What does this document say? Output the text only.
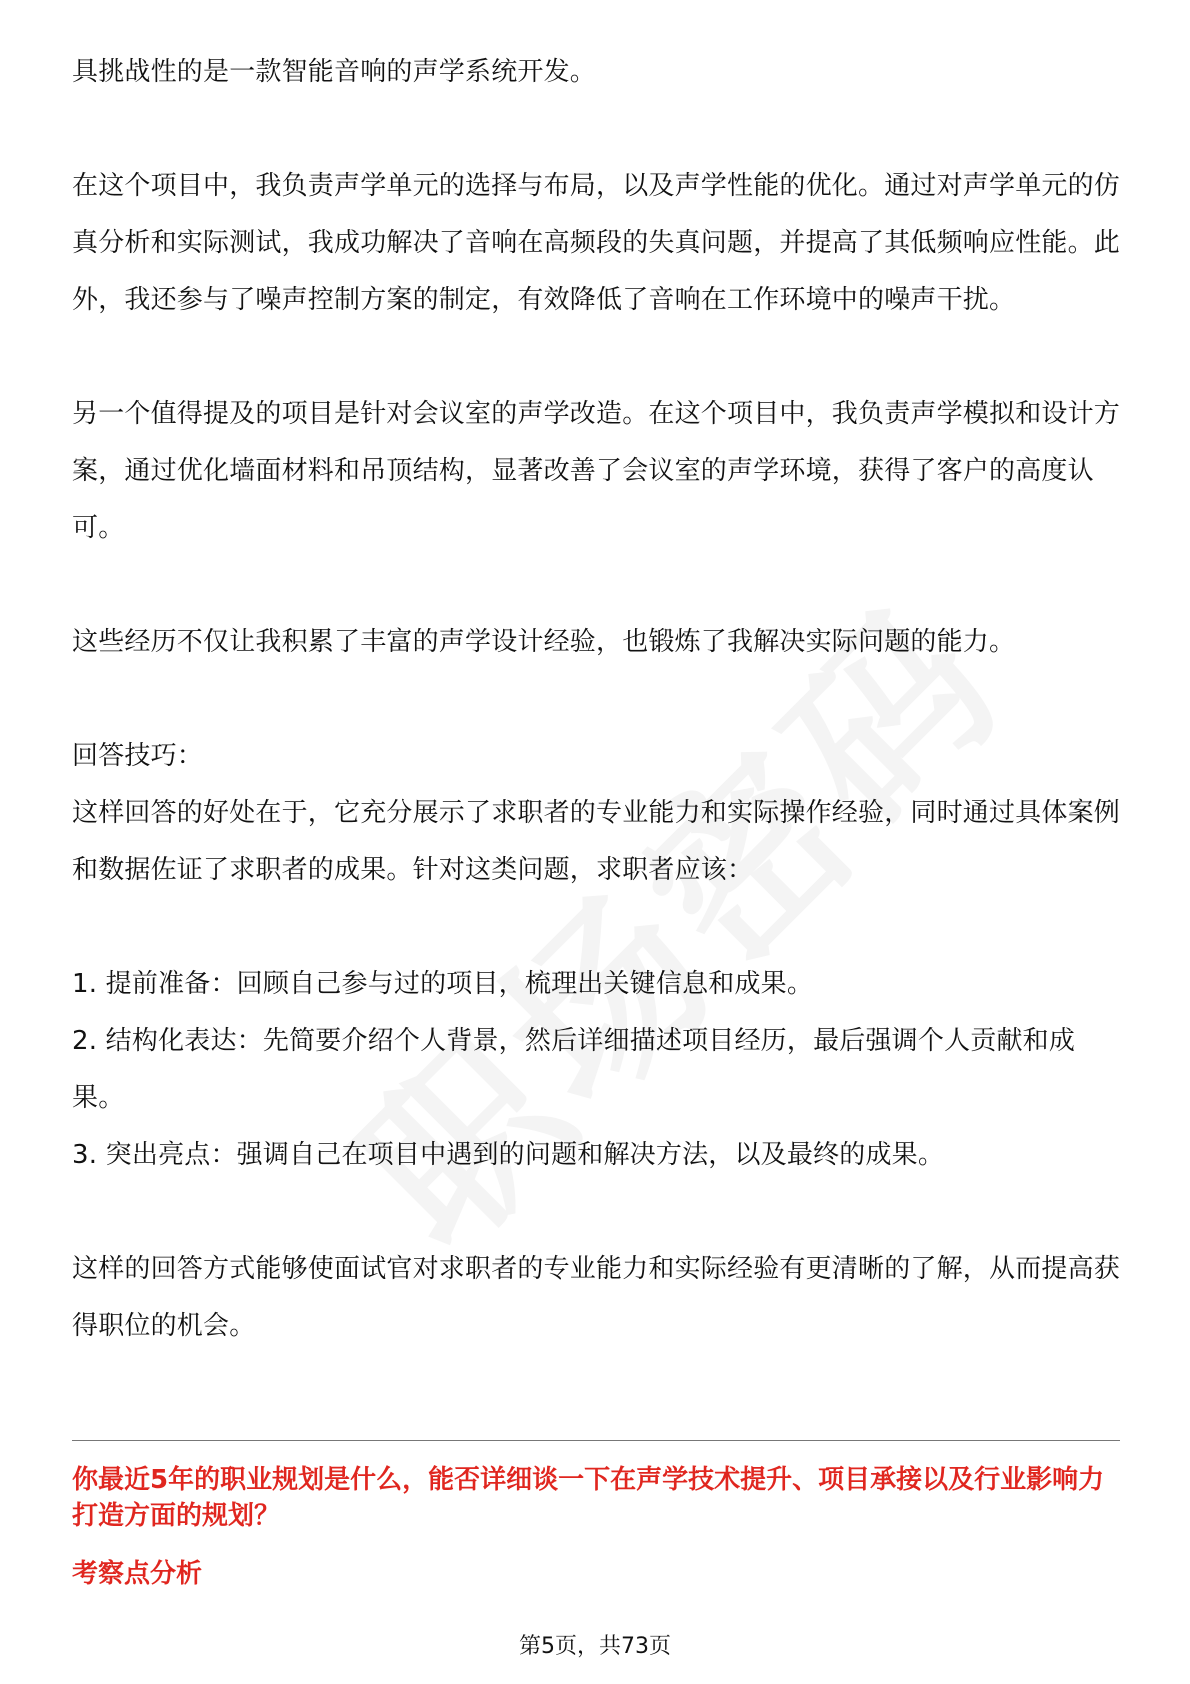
具挑战性的是一款智能音响的声学系统开发。

在这个项目中，我负责声学单元的选择与布局，以及声学性能的优化。通过对声学单元的仿真分析和实际测试，我成功解决了音响在高频段的失真问题，并提高了其低频响应性能。此外，我还参与了噪声控制方案的制定，有效降低了音响在工作环境中的噪声干扰。

另一个值得提及的项目是针对会议室的声学改造。在这个项目中，我负责声学模拟和设计方案，通过优化墙面材料和吊顶结构，显著改善了会议室的声学环境，获得了客户的高度认可。

这些经历不仅让我积累了丰富的声学设计经验，也锻炼了我解决实际问题的能力。

回答技巧：

这样回答的好处在于，它充分展示了求职者的专业能力和实际操作经验，同时通过具体案例和数据佐证了求职者的成果。针对这类问题，求职者应该：

1. 提前准备：回顾自己参与过的项目，梳理出关键信息和成果。

2. 结构化表达：先简要介绍个人背景，然后详细描述项目经历，最后强调个人贡献和成果。

3. 突出亮点：强调自己在项目中遇到的问题和解决方法，以及最终的成果。

这样的回答方式能够使面试官对求职者的专业能力和实际经验有更清晰的了解，从而提高获得职位的机会。

你最近5年的职业规划是什么，能否详细谈一下在声学技术提升、项目承接以及行业影响力打造方面的规划？

考察点分析

第5页，共73页
